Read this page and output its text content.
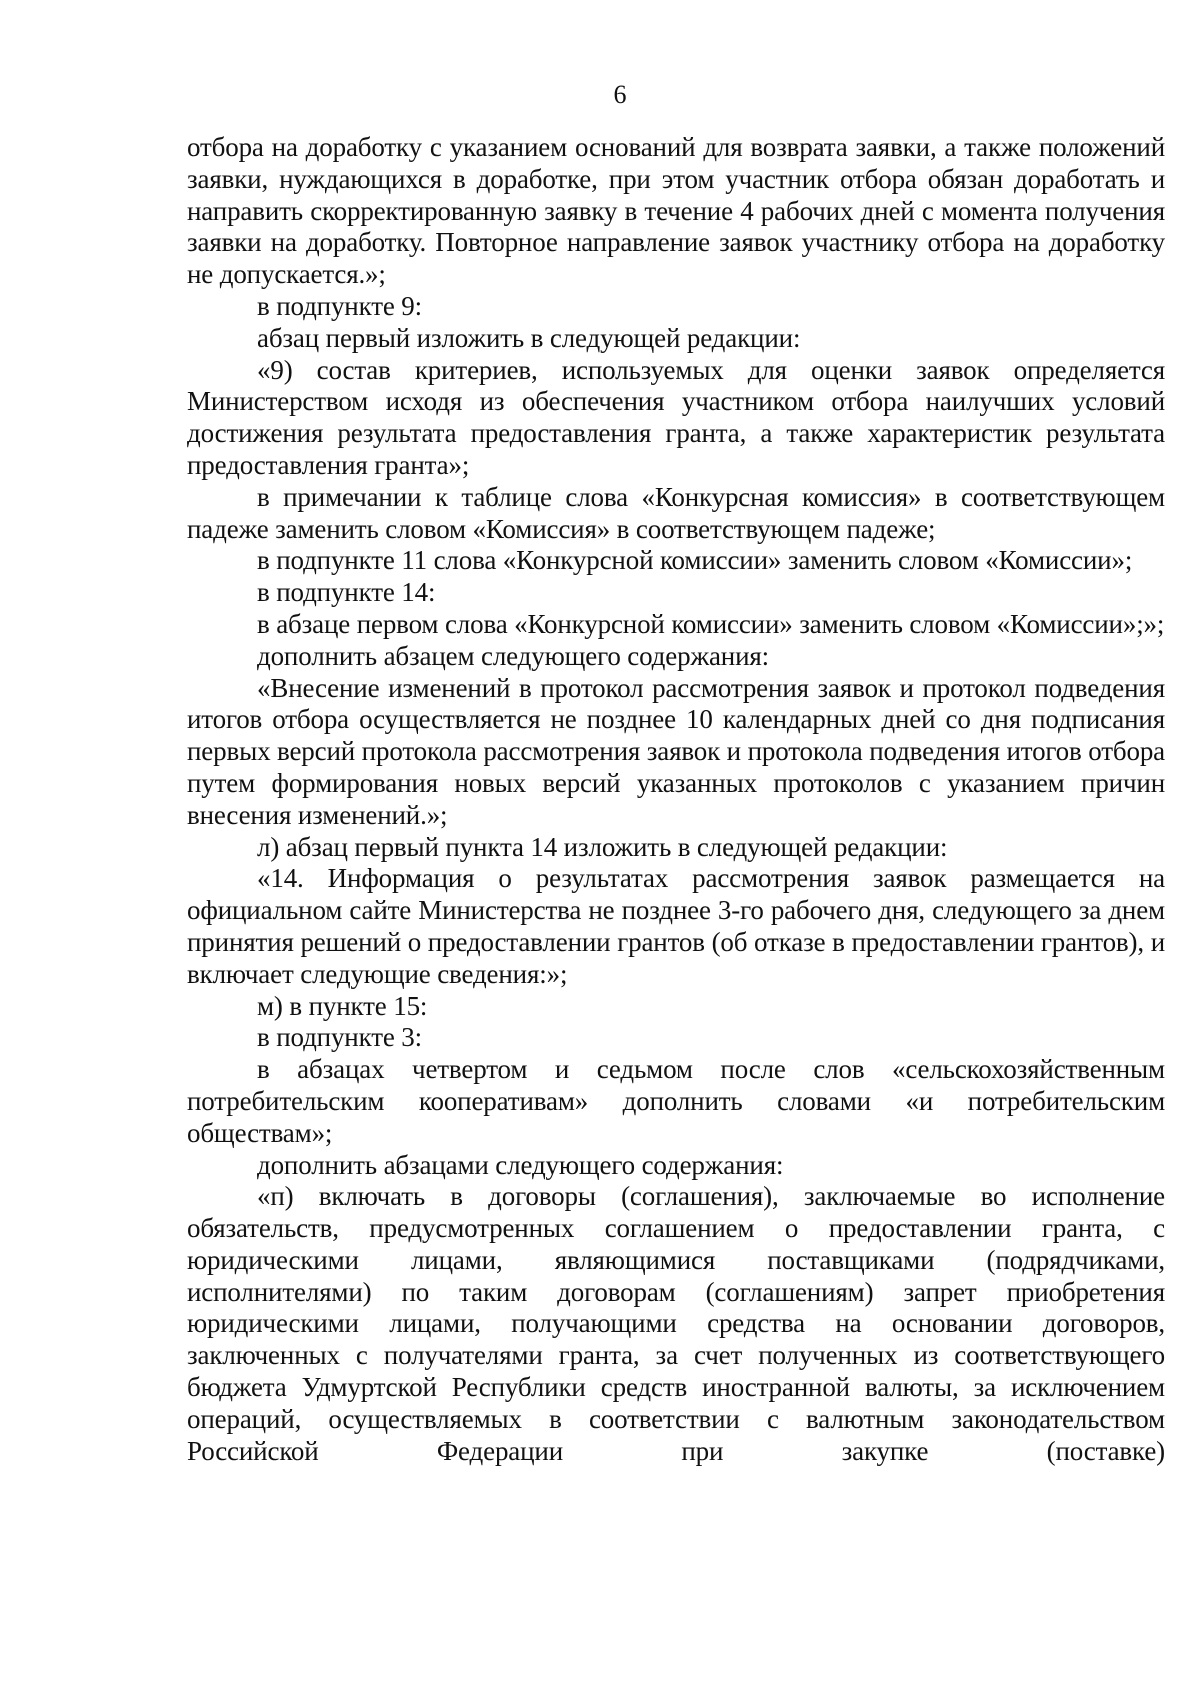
6

отбора на доработку с указанием оснований для возврата заявки, а также положений заявки, нуждающихся в доработке, при этом участник отбора обязан доработать и направить скорректированную заявку в течение 4 рабочих дней с момента получения заявки на доработку. Повторное направление заявок участнику отбора на доработку не допускается.»;

в подпункте 9:

абзац первый изложить в следующей редакции:

«9) состав критериев, используемых для оценки заявок определяется Министерством исходя из обеспечения участником отбора наилучших условий достижения результата предоставления гранта, а также характеристик результата предоставления гранта»;

в примечании к таблице слова «Конкурсная комиссия» в соответствующем падеже заменить словом «Комиссия» в соответствующем падеже;

в подпункте 11 слова «Конкурсной комиссии» заменить словом «Комиссии»;

в подпункте 14:

в абзаце первом слова «Конкурсной комиссии» заменить словом «Комиссии»;»;

дополнить абзацем следующего содержания:

«Внесение изменений в протокол рассмотрения заявок и протокол подведения итогов отбора осуществляется не позднее 10 календарных дней со дня подписания первых версий протокола рассмотрения заявок и протокола подведения итогов отбора путем формирования новых версий указанных протоколов с указанием причин внесения изменений.»;

л) абзац первый пункта 14 изложить в следующей редакции:

«14. Информация о результатах рассмотрения заявок размещается на официальном сайте Министерства не позднее 3-го рабочего дня, следующего за днем принятия решений о предоставлении грантов (об отказе в предоставлении грантов), и включает следующие сведения:»;

м) в пункте 15:

в подпункте 3:

в абзацах четвертом и седьмом после слов «сельскохозяйственным потребительским кооперативам» дополнить словами «и потребительским обществам»;

дополнить абзацами следующего содержания:

«п) включать в договоры (соглашения), заключаемые во исполнение обязательств, предусмотренных соглашением о предоставлении гранта, с юридическими лицами, являющимися поставщиками (подрядчиками, исполнителями) по таким договорам (соглашениям) запрет приобретения юридическими лицами, получающими средства на основании договоров, заключенных с получателями гранта, за счет полученных из соответствующего бюджета Удмуртской Республики средств иностранной валюты, за исключением операций, осуществляемых в соответствии с валютным законодательством Российской Федерации при закупке (поставке)
